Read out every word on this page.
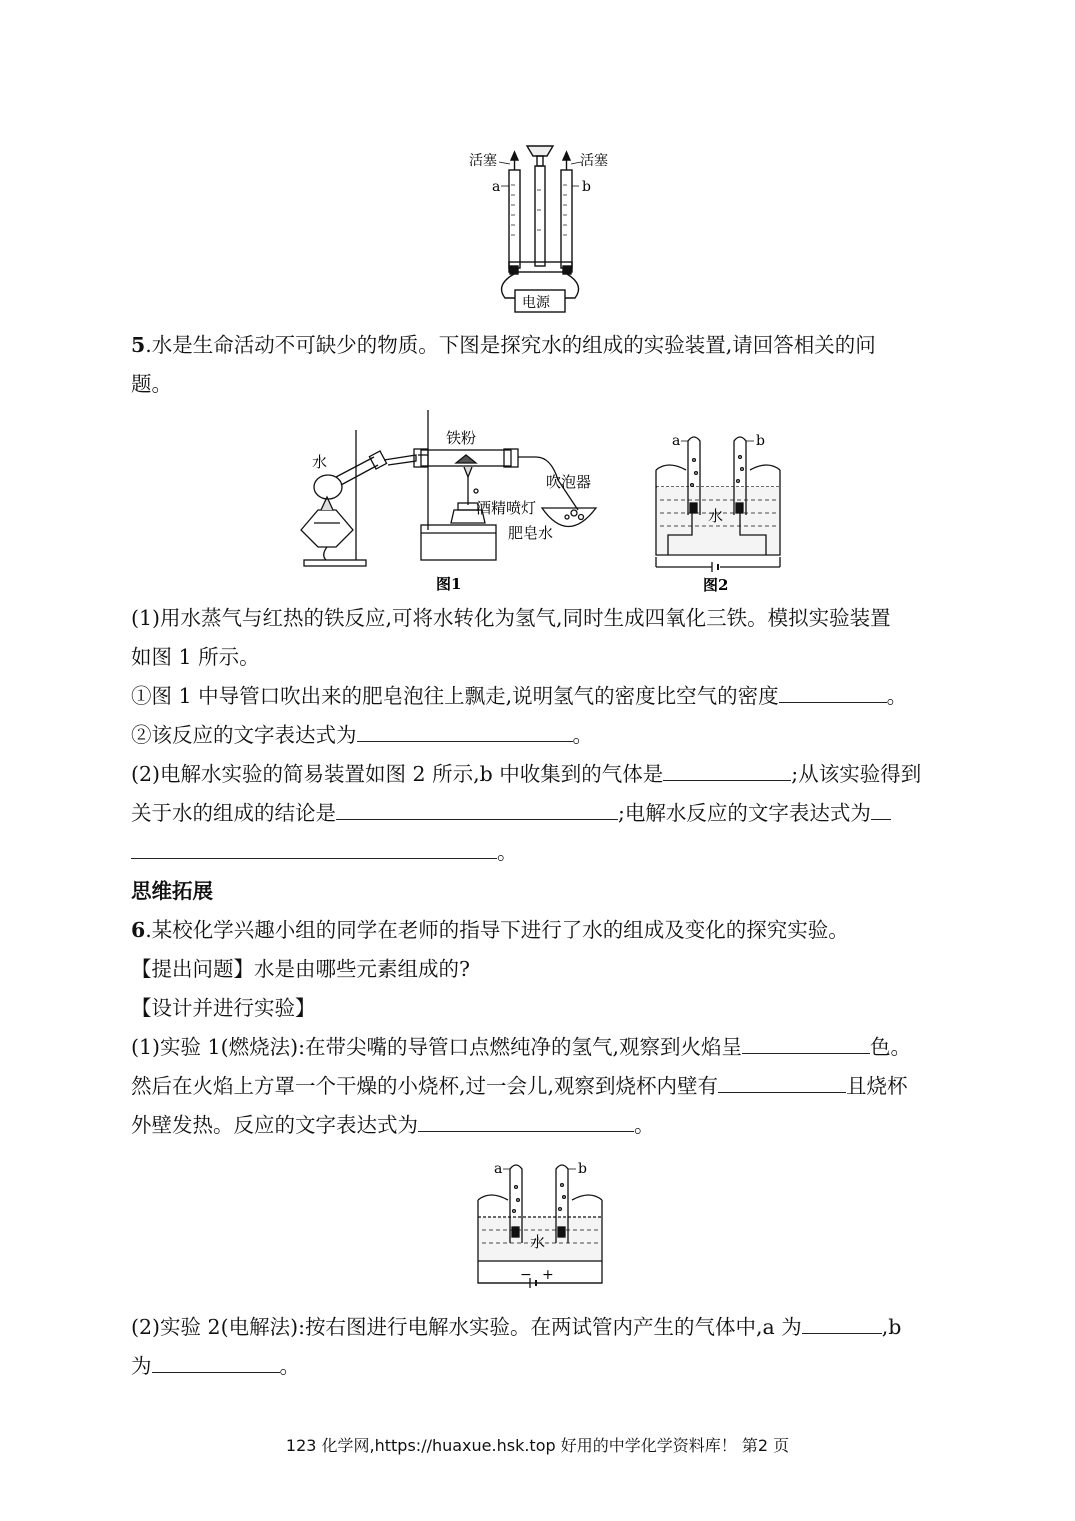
活塞	活塞
a	b
电源
5.水是生命活动不可缺少的物质。下图是探究水的组成的实验装置,请回答相关的问
题。
水
铁粉
吹泡器
酒精喷灯
肥皂水
图1
a	b
水
图2
(1)用水蒸气与红热的铁反应,可将水转化为氢气,同时生成四氧化三铁。模拟实验装置
如图 1 所示。
①图 1 中导管口吹出来的肥皂泡往上飘走,说明氢气的密度比空气的密度	。
②该反应的文字表达式为	。
(2)电解水实验的简易装置如图 2 所示,b 中收集到的气体是	;从该实验得到
关于水的组成的结论是	;电解水反应的文字表达式为
。
思维拓展
6.某校化学兴趣小组的同学在老师的指导下进行了水的组成及变化的探究实验。
【提出问题】水是由哪些元素组成的?
【设计并进行实验】
(1)实验 1(燃烧法):在带尖嘴的导管口点燃纯净的氢气,观察到火焰呈	色。
然后在火焰上方罩一个干燥的小烧杯,过一会儿,观察到烧杯内壁有	且烧杯
外壁发热。反应的文字表达式为	。
a	b
水
− +
(2)实验 2(电解法):按右图进行电解水实验。在两试管内产生的气体中,a 为	,b
为	。
123 化学网,https://huaxue.hsk.top 好用的中学化学资料库！ 第2 页
